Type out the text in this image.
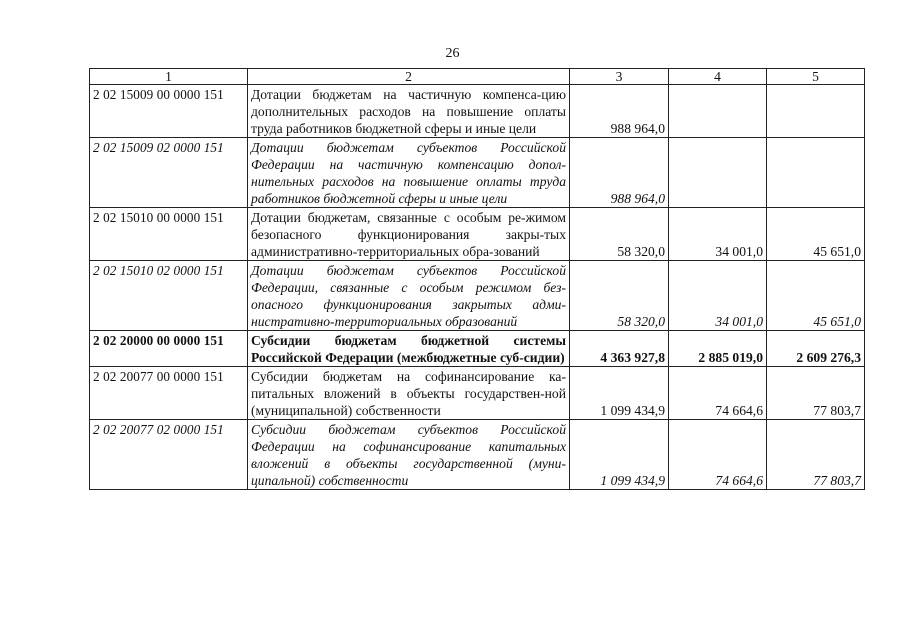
26
1	2	3	4	5
2 02 15009 00 0000 151	Дотации бюджетам на частичную компенса-цию дополнительных расходов на повышение оплаты труда работников бюджетной сферы и иные цели	988 964,0		
2 02 15009 02 0000 151	Дотации бюджетам субъектов Российской Федерации на частичную компенсацию допол-нительных расходов на повышение оплаты труда работников бюджетной сферы и иные цели	988 964,0		
2 02 15010 00 0000 151	Дотации бюджетам, связанные с особым ре-жимом безопасного функционирования закры-тых административно-территориальных обра-зований	58 320,0	34 001,0	45 651,0
2 02 15010 02 0000 151	Дотации бюджетам субъектов Российской Федерации, связанные с особым режимом без-опасного функционирования закрытых адми-нистративно-территориальных образований	58 320,0	34 001,0	45 651,0
2 02 20000 00 0000 151	Субсидии бюджетам бюджетной системы Российской Федерации (межбюджетные суб-сидии)	4 363 927,8	2 885 019,0	2 609 276,3
2 02 20077 00 0000 151	Субсидии бюджетам на софинансирование ка-питальных вложений в объекты государствен-ной (муниципальной) собственности	1 099 434,9	74 664,6	77 803,7
2 02 20077 02 0000 151	Субсидии бюджетам субъектов Российской Федерации на софинансирование капитальных вложений в объекты государственной (муни-ципальной) собственности	1 099 434,9	74 664,6	77 803,7
